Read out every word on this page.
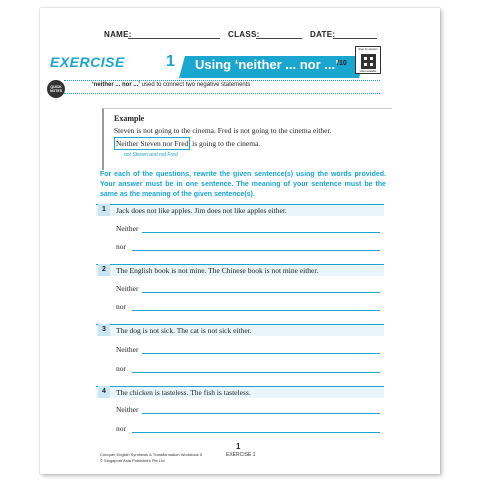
NAME:	CLASS:	DATE:
EXERCISE	1 Using ‘neither ... nor ...’
/10
Scan for answers
Video available
QUICK NOTES
‘neither ... nor ...’ used to connect two negative statements
Example
Steven is not going to the cinema. Fred is not going to the cinema either.
Neither Steven nor Fred is going to the cinema.
not Steven and not Fred

For each of the questions, rewrite the given sentence(s) using the words provided. Your answer must be in one sentence. The meaning of your sentence must be the same as the meaning of the given sentence(s).

1	Jack does not like apples. Jim does not like apples either.
Neither
nor
2	The English book is not mine. The Chinese book is not mine either.
Neither
nor
3	The dog is not sick. The cat is not sick either.
Neither
nor
4	The chicken is tasteless. The fish is tasteless.
Neither
nor
Conquer English Synthesis & Transformation Workbook 5
© Singapore Asia Publishers Pte Ltd
1
EXERCISE 1
